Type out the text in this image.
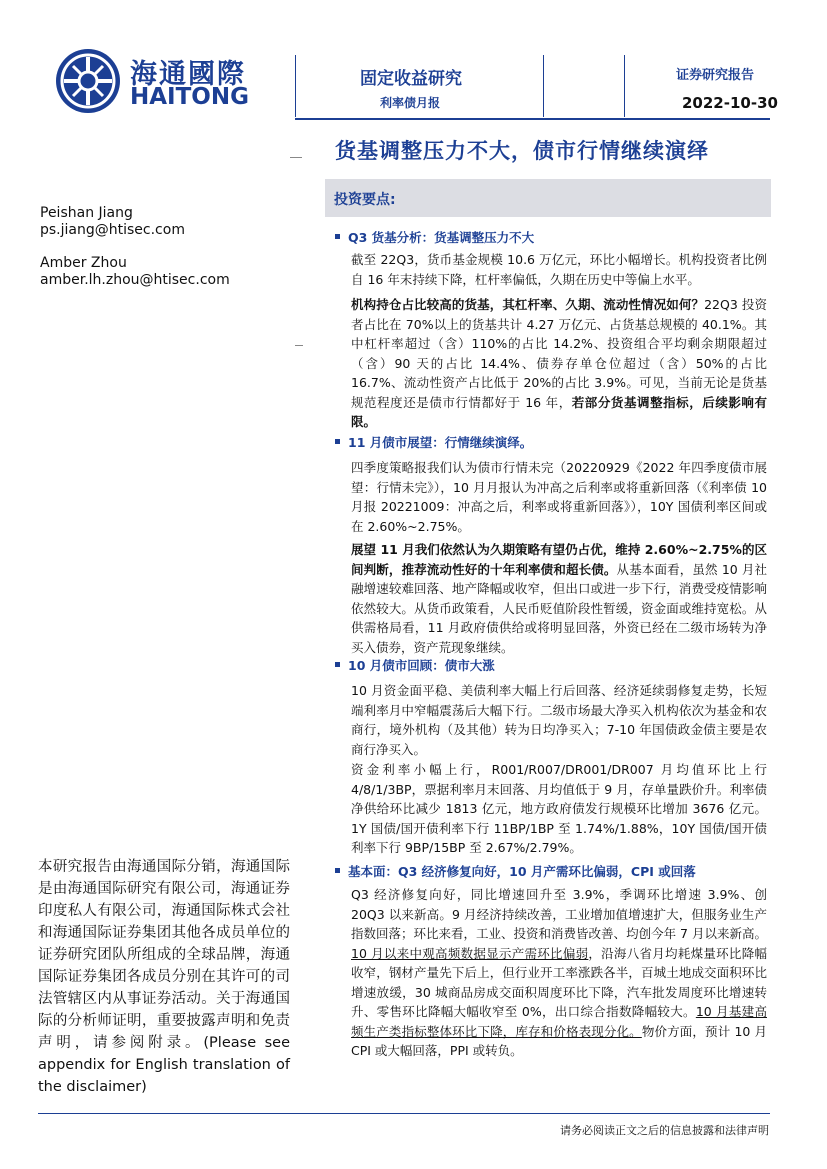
海通國際
HAITONG
固定收益研究
利率债月报
证券研究报告
2022-10-30
货基调整压力不大，债市行情继续演绎
Peishan Jiang
ps.jiang@htisec.com
Amber Zhou
amber.lh.zhou@htisec.com
投资要点:
Q3 货基分析：货基调整压力不大
截至 22Q3，货币基金规模 10.6 万亿元，环比小幅增长。机构投资者比例自 16 年末持续下降，杠杆率偏低，久期在历史中等偏上水平。
机构持仓占比较高的货基，其杠杆率、久期、流动性情况如何？22Q3 投资者占比在 70%以上的货基共计 4.27 万亿元、占货基总规模的 40.1%。其中杠杆率超过（含）110%的占比 14.2%、投资组合平均剩余期限超过（含）90 天的占比 14.4%、债券存单仓位超过（含）50%的占比 16.7%、流动性资产占比低于 20%的占比 3.9%。可见，当前无论是货基规范程度还是债市行情都好于 16 年，若部分货基调整指标，后续影响有限。
11 月债市展望：行情继续演绎。
四季度策略报我们认为债市行情未完（20220929《2022 年四季度债市展望：行情未完》），10 月月报认为冲高之后利率或将重新回落（《利率债 10 月报 20221009：冲高之后，利率或将重新回落》），10Y 国债利率区间或在 2.60%~2.75%。
展望 11 月我们依然认为久期策略有望仍占优，维持 2.60%~2.75%的区间判断，推荐流动性好的十年利率债和超长债。从基本面看，虽然 10 月社融增速较难回落、地产降幅或收窄，但出口或进一步下行，消费受疫情影响依然较大。从货币政策看，人民币贬值阶段性暂缓，资金面或维持宽松。从供需格局看，11 月政府债供给或将明显回落，外资已经在二级市场转为净买入债券，资产荒现象继续。
10 月债市回顾：债市大涨
10 月资金面平稳、美债利率大幅上行后回落、经济延续弱修复走势，长短端利率月中窄幅震荡后大幅下行。二级市场最大净买入机构依次为基金和农商行，境外机构（及其他）转为日均净买入；7-10 年国债政金债主要是农商行净买入。
资金利率小幅上行，R001/R007/DR001/DR007 月均值环比上行 4/8/1/3BP，票据利率月末回落、月均值低于 9 月，存单量跌价升。利率债净供给环比减少 1813 亿元，地方政府债发行规模环比增加 3676 亿元。1Y 国债/国开债利率下行 11BP/1BP 至 1.74%/1.88%，10Y 国债/国开债利率下行 9BP/15BP 至 2.67%/2.79%。
基本面：Q3 经济修复向好，10 月产需环比偏弱，CPI 或回落
Q3 经济修复向好，同比增速回升至 3.9%，季调环比增速 3.9%、创 20Q3 以来新高。9 月经济持续改善，工业增加值增速扩大，但服务业生产指数回落；环比来看，工业、投资和消费皆改善、均创今年 7 月以来新高。10 月以来中观高频数据显示产需环比偏弱，沿海八省月均耗煤量环比降幅收窄，钢材产量先下后上，但行业开工率涨跌各半，百城土地成交面积环比增速放缓，30 城商品房成交面积周度环比下降，汽车批发周度环比增速转升、零售环比降幅大幅收窄至 0%，出口综合指数降幅较大。10 月基建高频生产类指标整体环比下降，库存和价格表现分化。物价方面，预计 10 月 CPI 或大幅回落，PPI 或转负。
本研究报告由海通国际分销，海通国际是由海通国际研究有限公司，海通证券印度私人有限公司，海通国际株式会社和海通国际证券集团其他各成员单位的证券研究团队所组成的全球品牌，海通国际证券集团各成员分别在其许可的司法管辖区内从事证券活动。关于海通国际的分析师证明，重要披露声明和免责声明，请参阅附录。(Please see appendix for English translation of the disclaimer)
请务必阅读正文之后的信息披露和法律声明
